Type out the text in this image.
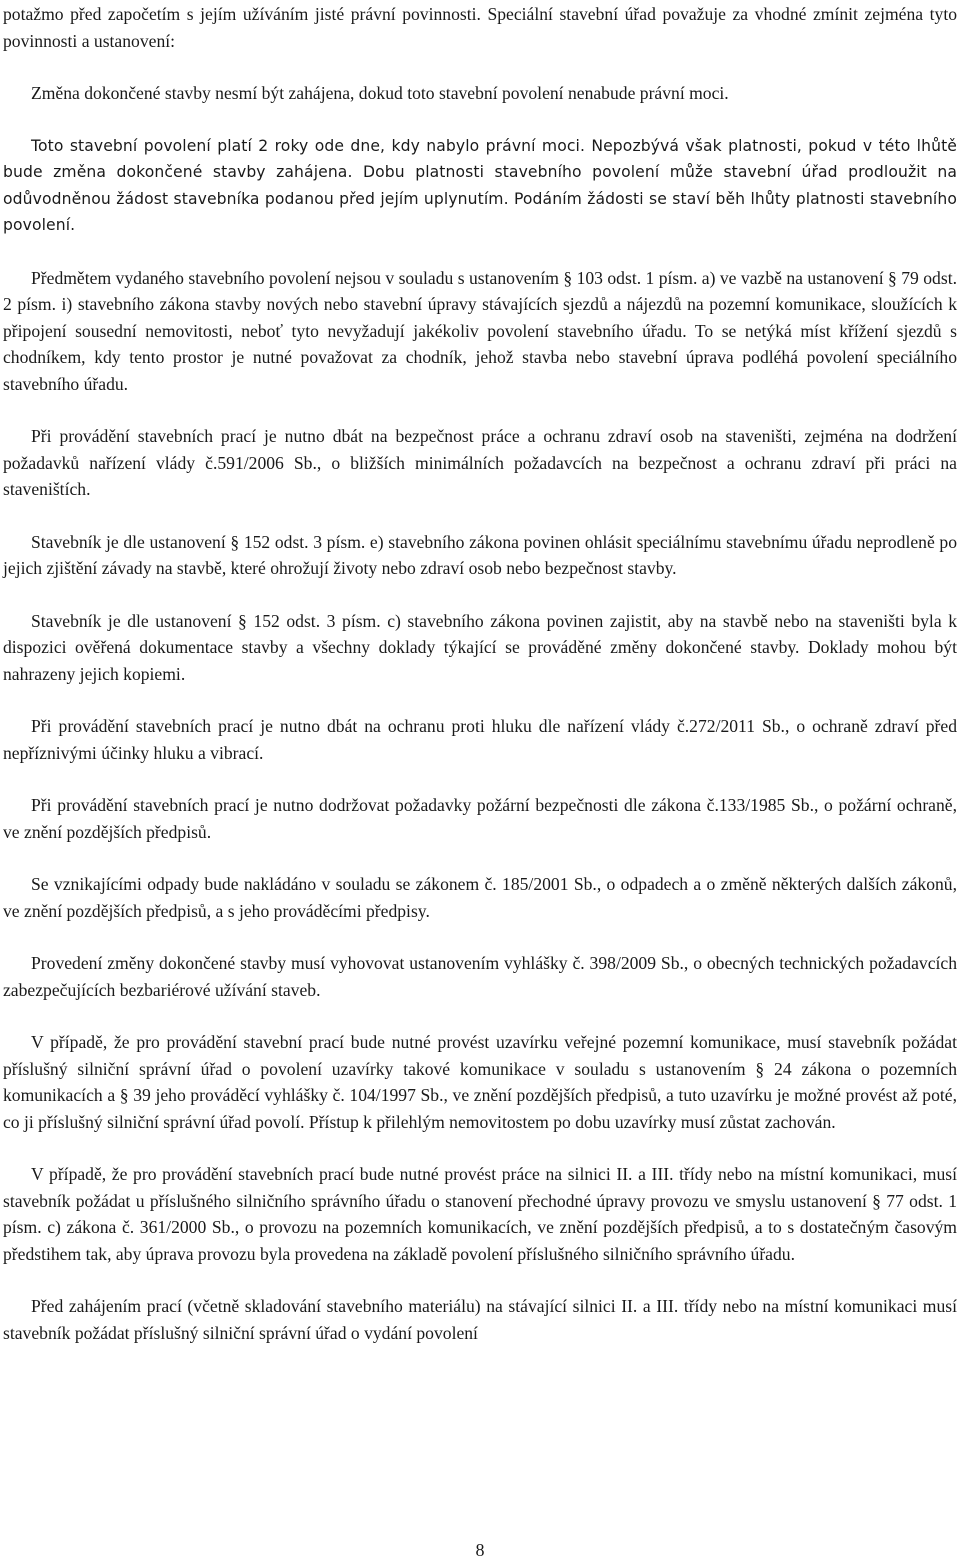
potažmo před započetím s jejím užíváním jisté právní povinnosti. Speciální stavební úřad považuje za vhodné zmínit zejména tyto povinnosti a ustanovení:

Změna dokončené stavby nesmí být zahájena, dokud toto stavební povolení nenabude právní moci.

Toto stavební povolení platí 2 roky ode dne, kdy nabylo právní moci. Nepozbývá však platnosti, pokud v této lhůtě bude změna dokončené stavby zahájena. Dobu platnosti stavebního povolení může stavební úřad prodloužit na odůvodněnou žádost stavebníka podanou před jejím uplynutím. Podáním žádosti se staví běh lhůty platnosti stavebního povolení.

Předmětem vydaného stavebního povolení nejsou v souladu s ustanovením § 103 odst. 1 písm. a) ve vazbě na ustanovení § 79 odst. 2 písm. i) stavebního zákona stavby nových nebo stavební úpravy stávajících sjezdů a nájezdů na pozemní komunikace, sloužících k připojení sousední nemovitosti, neboť tyto nevyžadují jakékoliv povolení stavebního úřadu. To se netýká míst křížení sjezdů s chodníkem, kdy tento prostor je nutné považovat za chodník, jehož stavba nebo stavební úprava podléhá povolení speciálního stavebního úřadu.

Při provádění stavebních prací je nutno dbát na bezpečnost práce a ochranu zdraví osob na staveništi, zejména na dodržení požadavků nařízení vlády č.591/2006 Sb., o bližších minimálních požadavcích na bezpečnost a ochranu zdraví při práci na staveništích.

Stavebník je dle ustanovení § 152 odst. 3 písm. e) stavebního zákona povinen ohlásit speciálnímu stavebnímu úřadu neprodleně po jejich zjištění závady na stavbě, které ohrožují životy nebo zdraví osob nebo bezpečnost stavby.

Stavebník je dle ustanovení § 152 odst. 3 písm. c) stavebního zákona povinen zajistit, aby na stavbě nebo na staveništi byla k dispozici ověřená dokumentace stavby a všechny doklady týkající se prováděné změny dokončené stavby. Doklady mohou být nahrazeny jejich kopiemi.

Při provádění stavebních prací je nutno dbát na ochranu proti hluku dle nařízení vlády č.272/2011 Sb., o ochraně zdraví před nepříznivými účinky hluku a vibrací.

Při provádění stavebních prací je nutno dodržovat požadavky požární bezpečnosti dle zákona č.133/1985 Sb., o požární ochraně, ve znění pozdějších předpisů.

Se vznikajícími odpady bude nakládáno v souladu se zákonem č. 185/2001 Sb., o odpadech a o změně některých dalších zákonů, ve znění pozdějších předpisů, a s jeho prováděcími předpisy.

Provedení změny dokončené stavby musí vyhovovat ustanovením vyhlášky č. 398/2009 Sb., o obecných technických požadavcích zabezpečujících bezbariérové užívání staveb.

V případě, že pro provádění stavební prací bude nutné provést uzavírku veřejné pozemní komunikace, musí stavebník požádat příslušný silniční správní úřad o povolení uzavírky takové komunikace v souladu s ustanovením § 24 zákona o pozemních komunikacích a § 39 jeho prováděcí vyhlášky č. 104/1997 Sb., ve znění pozdějších předpisů, a tuto uzavírku je možné provést až poté, co ji příslušný silniční správní úřad povolí. Přístup k přilehlým nemovitostem po dobu uzavírky musí zůstat zachován.

V případě, že pro provádění stavebních prací bude nutné provést práce na silnici II. a III. třídy nebo na místní komunikaci, musí stavebník požádat u příslušného silničního správního úřadu o stanovení přechodné úpravy provozu ve smyslu ustanovení § 77 odst. 1 písm. c) zákona č. 361/2000 Sb., o provozu na pozemních komunikacích, ve znění pozdějších předpisů, a to s dostatečným časovým předstihem tak, aby úprava provozu byla provedena na základě povolení příslušného silničního správního úřadu.

Před zahájením prací (včetně skladování stavebního materiálu) na stávající silnici II. a III. třídy nebo na místní komunikaci musí stavebník požádat příslušný silniční správní úřad o vydání povolení

8
